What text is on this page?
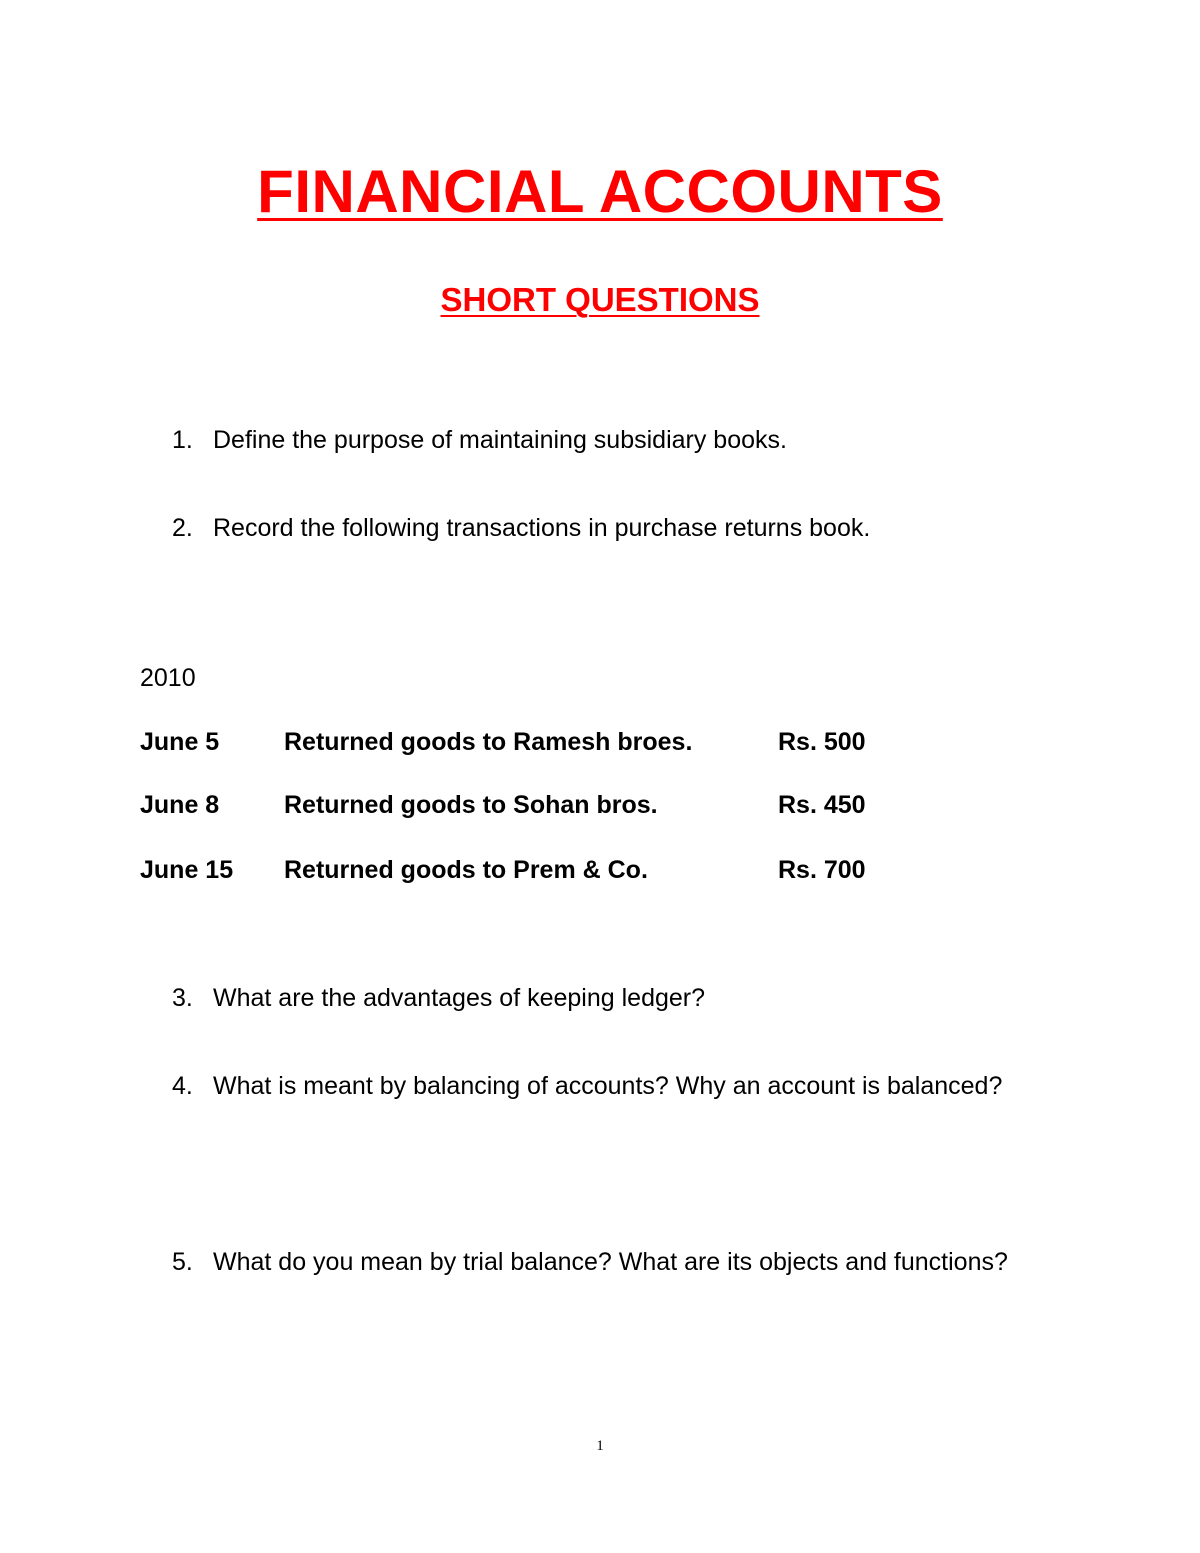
FINANCIAL ACCOUNTS
SHORT QUESTIONS
1. Define the purpose of maintaining subsidiary books.
2. Record the following transactions in purchase returns book.
2010
June 5	Returned goods to Ramesh broes.	Rs. 500
June 8	Returned goods to Sohan bros.	Rs. 450
June 15 Returned goods to Prem & Co.	Rs. 700
3. What are the advantages of keeping ledger?
4. What is meant by balancing of accounts? Why an account is balanced?
5. What do you mean by trial balance? What are its objects and functions?
1
